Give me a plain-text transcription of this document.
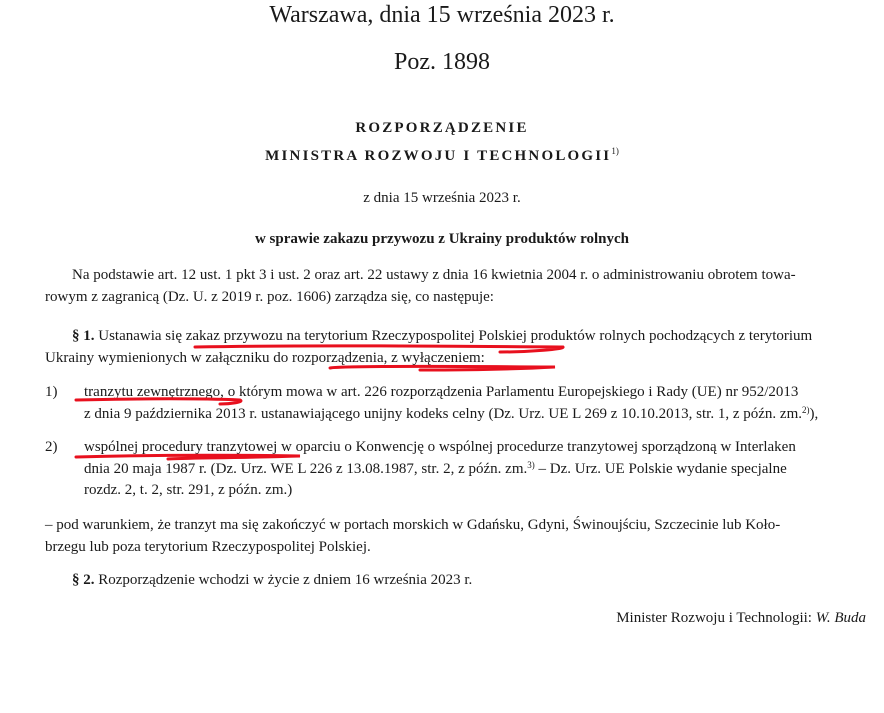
Warszawa, dnia 15 września 2023 r.
Poz. 1898
ROZPORZĄDZENIE
MINISTRA ROZWOJU I TECHNOLOGII$^{1)}$
z dnia 15 września 2023 r.
w sprawie zakazu przywozu z Ukrainy produktów rolnych
Na podstawie art. 12 ust. 1 pkt 3 i ust. 2 oraz art. 22 ustawy z dnia 16 kwietnia 2004 r. o administrowaniu obrotem towa-
rowym z zagranicą (Dz. U. z 2019 r. poz. 1606) zarządza się, co następuje:
§ 1. Ustanawia się zakaz przywozu na terytorium Rzeczypospolitej Polskiej produktów rolnych pochodzących z terytorium
Ukrainy wymienionych w załączniku do rozporządzenia, z wyłączeniem:
1) tranzytu zewnętrznego, o którym mowa w art. 226 rozporządzenia Parlamentu Europejskiego i Rady (UE) nr 952/2013
z dnia 9 października 2013 r. ustanawiającego unijny kodeks celny (Dz. Urz. UE L 269 z 10.10.2013, str. 1, z późn. zm.$^{2)}$),
2) wspólnej procedury tranzytowej w oparciu o Konwencję o wspólnej procedurze tranzytowej sporządzoną w Interlaken
dnia 20 maja 1987 r. (Dz. Urz. WE L 226 z 13.08.1987, str. 2, z późn. zm.$^{3)}$ – Dz. Urz. UE Polskie wydanie specjalne
rozdz. 2, t. 2, str. 291, z późn. zm.)
– pod warunkiem, że tranzyt ma się zakończyć w portach morskich w Gdańsku, Gdyni, Świnoujściu, Szczecinie lub Koło-
brzegu lub poza terytorium Rzeczypospolitej Polskiej.
§ 2. Rozporządzenie wchodzi w życie z dniem 16 września 2023 r.
Minister Rozwoju i Technologii: W. Buda
